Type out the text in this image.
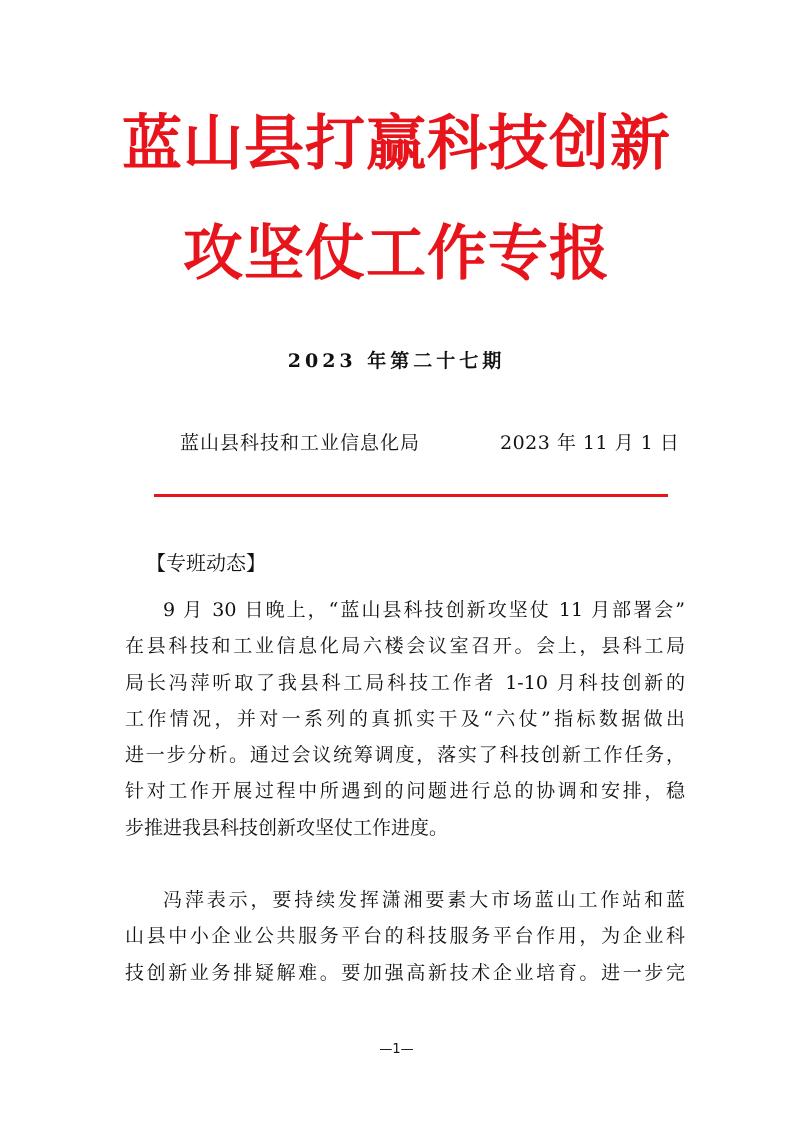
蓝山县打赢科技创新
攻坚仗工作专报
2023 年第二十七期
蓝山县科技和工业信息化局	2023 年 11 月 1 日
【专班动态】
9 月 30 日晚上，“蓝山县科技创新攻坚仗 11 月部署会”
在县科技和工业信息化局六楼会议室召开。会上，县科工局
局长冯萍听取了我县科工局科技工作者 1-10 月科技创新的
工作情况，并对一系列的真抓实干及“六仗”指标数据做出
进一步分析。通过会议统筹调度，落实了科技创新工作任务，
针对工作开展过程中所遇到的问题进行总的协调和安排，稳
步推进我县科技创新攻坚仗工作进度。
冯萍表示，要持续发挥潇湘要素大市场蓝山工作站和蓝
山县中小企业公共服务平台的科技服务平台作用，为企业科
技创新业务排疑解难。要加强高新技术企业培育。进一步完
—1—
